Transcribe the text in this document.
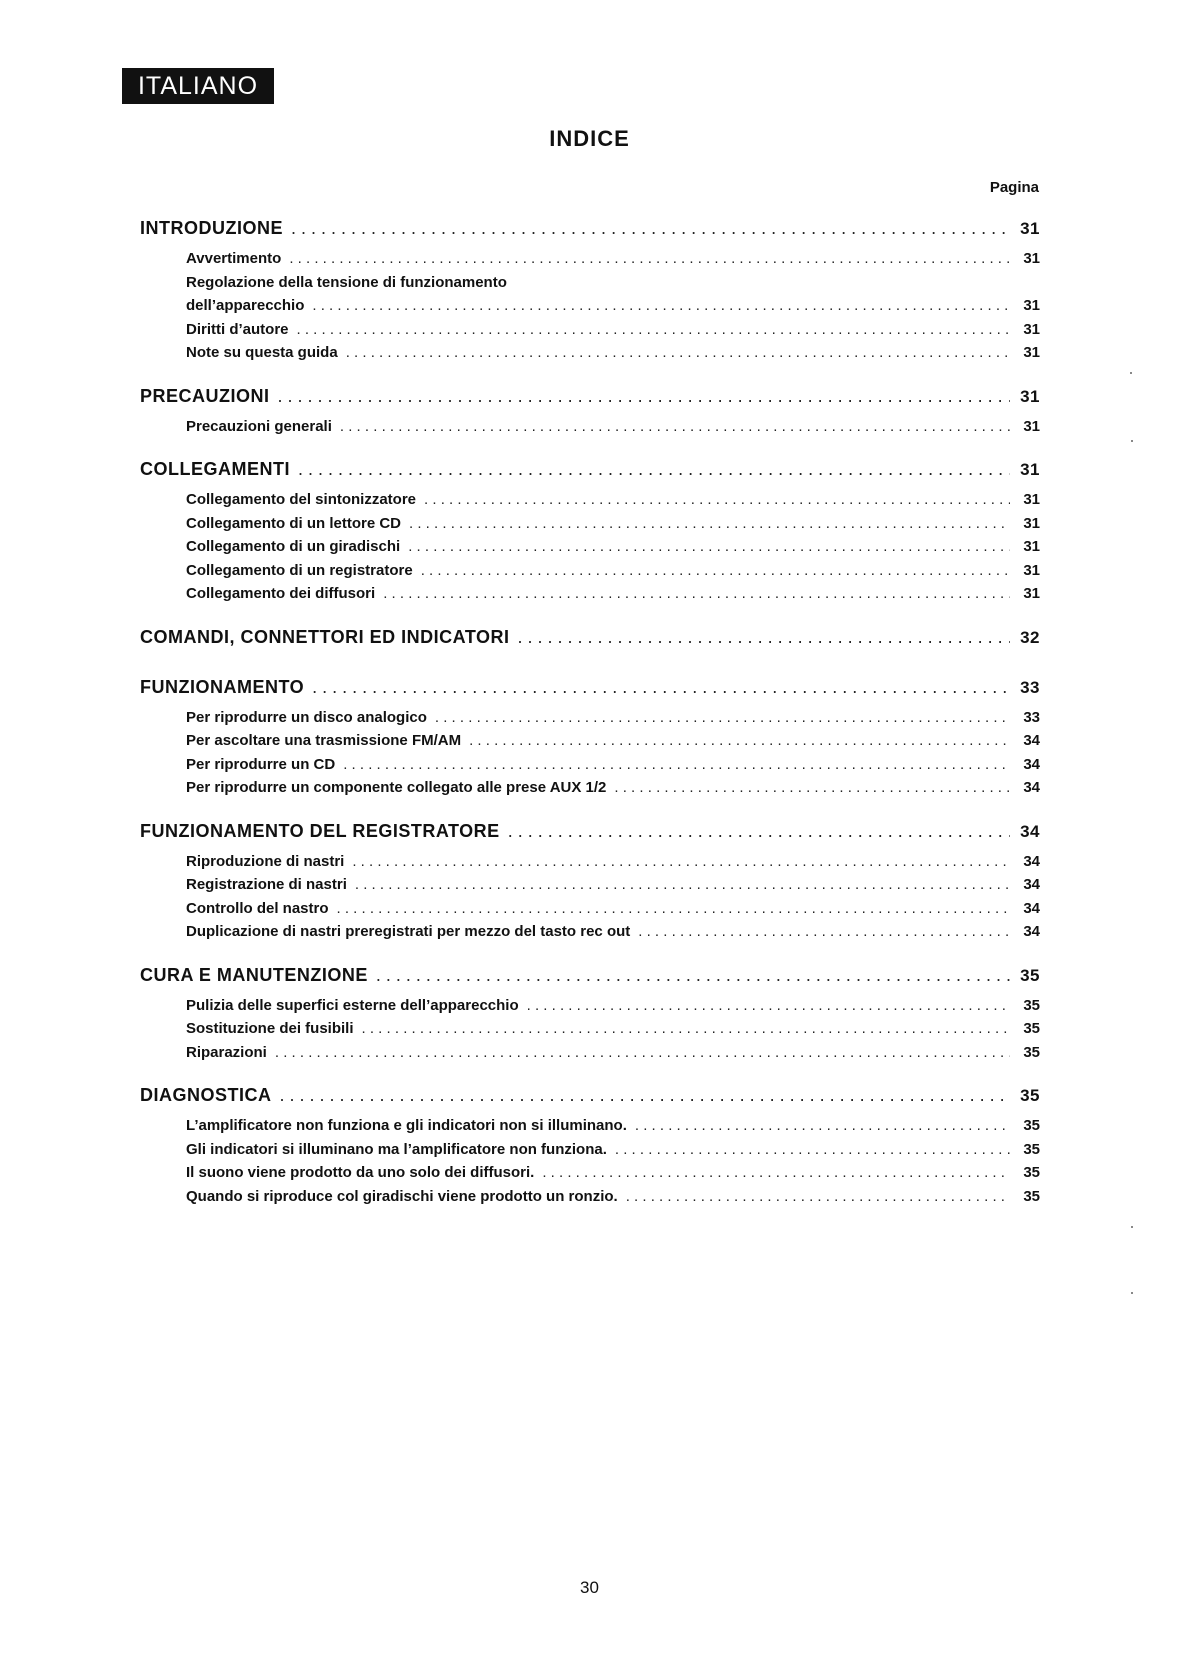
ITALIANO
INDICE
Pagina
INTRODUZIONE . . .	31
Avvertimento . . .	31
Regolazione della tensione di funzionamento
dell’apparecchio . . .	31
Diritti d’autore . . .	31
Note su questa guida . . .	31
PRECAUZIONI . . .	31
Precauzioni generali . . .	31
COLLEGAMENTI . . .	31
Collegamento del sintonizzatore . . .	31
Collegamento di un lettore CD . . .	31
Collegamento di un giradischi . . .	31
Collegamento di un registratore . . .	31
Collegamento dei diffusori . . .	31
COMANDI, CONNETTORI ED INDICATORI . . .	32
FUNZIONAMENTO . . .	33
Per riprodurre un disco analogico . . .	33
Per ascoltare una trasmissione FM/AM . . .	34
Per riprodurre un CD . . .	34
Per riprodurre un componente collegato alle prese AUX 1/2 . . .	34
FUNZIONAMENTO DEL REGISTRATORE . . .	34
Riproduzione di nastri . . .	34
Registrazione di nastri . . .	34
Controllo del nastro . . .	34
Duplicazione di nastri preregistrati per mezzo del tasto rec out . . .	34
CURA E MANUTENZIONE . . .	35
Pulizia delle superfici esterne dell’apparecchio . . .	35
Sostituzione dei fusibili . . .	35
Riparazioni . . .	35
DIAGNOSTICA . . .	35
L’amplificatore non funziona e gli indicatori non si illuminano. . . .	35
Gli indicatori si illuminano ma l’amplificatore non funziona. . . .	35
Il suono viene prodotto da uno solo dei diffusori. . . .	35
Quando si riproduce col giradischi viene prodotto un ronzio. . . .	35
30
